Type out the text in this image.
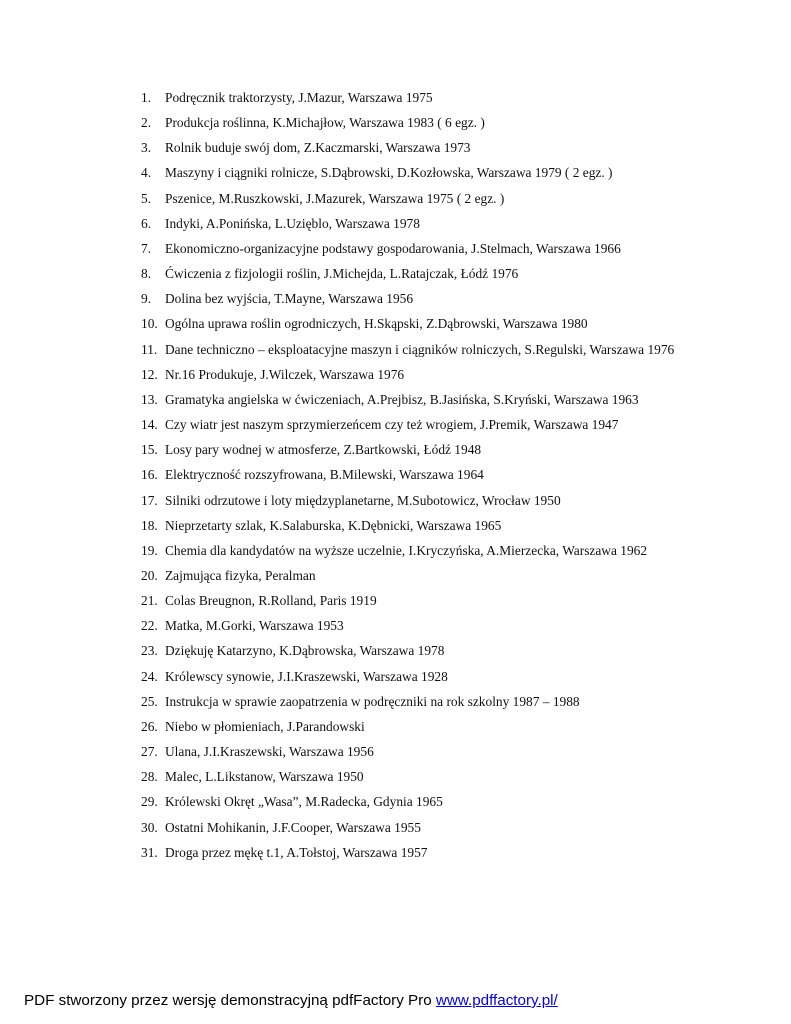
1.	Podręcznik traktorzysty, J.Mazur, Warszawa 1975
2.	Produkcja roślinna, K.Michajłow, Warszawa 1983 ( 6 egz. )
3.	Rolnik buduje swój dom, Z.Kaczmarski, Warszawa 1973
4.	Maszyny i ciągniki rolnicze, S.Dąbrowski, D.Kozłowska, Warszawa 1979 ( 2 egz. )
5.	Pszenice, M.Ruszkowski, J.Mazurek, Warszawa 1975 ( 2 egz. )
6.	Indyki, A.Ponińska, L.Uzięblo, Warszawa 1978
7.	Ekonomiczno-organizacyjne podstawy gospodarowania, J.Stelmach, Warszawa 1966
8.	Ćwiczenia z fizjologii roślin, J.Michejda, L.Ratajczak, Łódź 1976
9.	Dolina bez wyjścia, T.Mayne, Warszawa 1956
10. Ogólna uprawa roślin ogrodniczych, H.Skąpski, Z.Dąbrowski, Warszawa 1980
11. Dane techniczno – eksploatacyjne maszyn i ciągników rolniczych, S.Regulski, Warszawa 1976
12. Nr.16 Produkuje, J.Wilczek, Warszawa 1976
13. Gramatyka angielska w ćwiczeniach, A.Prejbisz, B.Jasińska, S.Kryński, Warszawa 1963
14. Czy wiatr jest naszym sprzymierzeńcem czy też wrogiem, J.Premik, Warszawa 1947
15. Losy pary wodnej w atmosferze, Z.Bartkowski, Łódź 1948
16. Elektryczność rozszyfrowana, B.Milewski, Warszawa 1964
17. Silniki odrzutowe i loty międzyplanetarne, M.Subotowicz, Wrocław 1950
18. Nieprzetarty szlak, K.Salaburska, K.Dębnicki, Warszawa 1965
19. Chemia dla kandydatów na wyższe uczelnie, I.Kryczyńska, A.Mierzecka, Warszawa 1962
20. Zajmująca fizyka, Peralman
21. Colas Breugnon, R.Rolland, Paris 1919
22. Matka, M.Gorki, Warszawa 1953
23. Dziękuję Katarzyno, K.Dąbrowska, Warszawa 1978
24. Królewscy synowie, J.I.Kraszewski, Warszawa 1928
25. Instrukcja w sprawie zaopatrzenia w podręczniki na rok szkolny 1987 – 1988
26. Niebo w płomieniach, J.Parandowski
27. Ulana, J.I.Kraszewski, Warszawa 1956
28. Malec, L.Likstanow, Warszawa 1950
29. Królewski Okręt „Wasa”, M.Radecka, Gdynia 1965
30. Ostatni Mohikanin, J.F.Cooper, Warszawa 1955
31. Droga przez mękę t.1, A.Tołstoj, Warszawa 1957
PDF stworzony przez wersję demonstracyjną pdfFactory Pro www.pdffactory.pl/
